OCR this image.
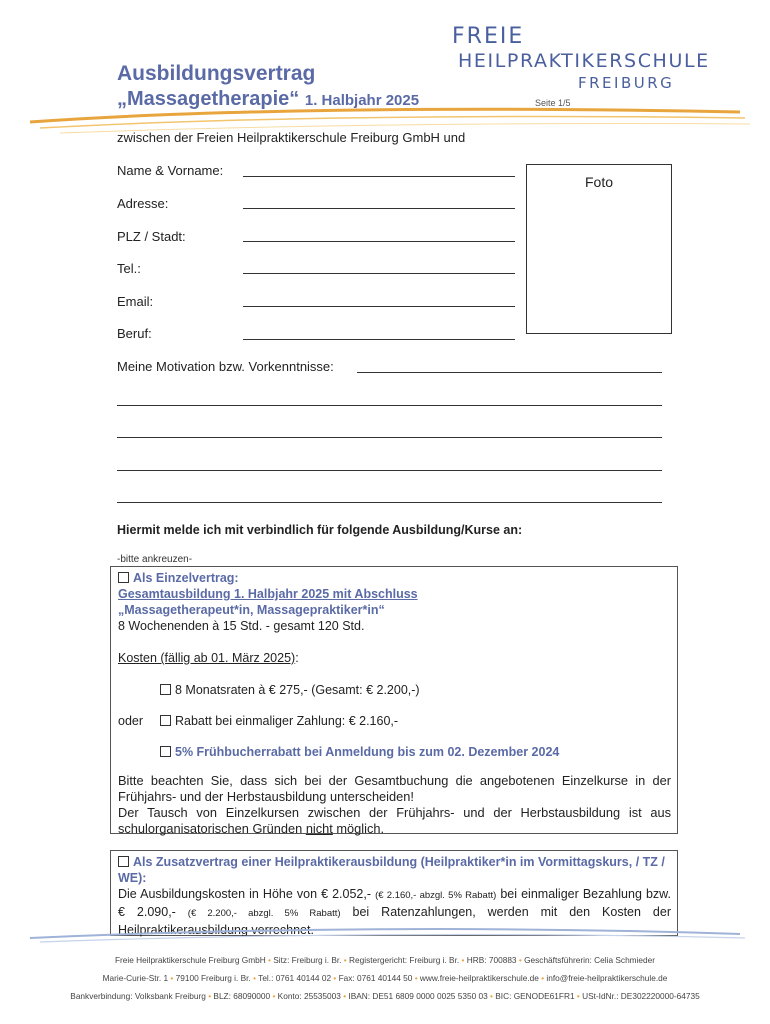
FREIE
HEILPRAKTIKERSCHULE
FREIBURG
Ausbildungsvertrag
„Massagetherapie“ 1. Halbjahr 2025	Seite 1/5
zwischen der Freien Heilpraktikerschule Freiburg GmbH und
Name & Vorname:
Adresse:
PLZ / Stadt:
Tel.:
Email:
Beruf:
Foto
Meine Motivation bzw. Vorkenntnisse:
Hiermit melde ich mit verbindlich für folgende Ausbildung/Kurse an:
-bitte ankreuzen-

Als Einzelvertrag:

Gesamtausbildung 1. Halbjahr 2025 mit Abschluss

„Massagetherapeut*in, Massagepraktiker*in“

8 Wochenenden à 15 Std. - gesamt 120 Std.

Kosten (fällig ab 01. März 2025):

8 Monatsraten à € 275,- (Gesamt: € 2.200,-)

oder	Rabatt bei einmaliger Zahlung: € 2.160,-

5% Frühbucherrabatt bei Anmeldung bis zum 02. Dezember 2024

Bitte beachten Sie, dass sich bei der Gesamtbuchung die angebotenen Einzelkurse in der Frühjahrs- und der Herbstausbildung unterscheiden!

Der Tausch von Einzelkursen zwischen der Frühjahrs- und der Herbstausbildung ist aus schulorganisatorischen Gründen nicht möglich.

Als Zusatzvertrag einer Heilpraktikerausbildung (Heilpraktiker*in im Vormittagskurs, / TZ / WE):

Die Ausbildungskosten in Höhe von € 2.052,- (€ 2.160,- abzgl. 5% Rabatt) bei einmaliger Bezahlung bzw. € 2.090,- (€ 2.200,- abzgl. 5% Rabatt) bei Ratenzahlungen, werden mit den Kosten der Heilpraktikerausbildung verrechnet.

Freie Heilpraktikerschule Freiburg GmbH • Sitz: Freiburg i. Br. • Registergericht: Freiburg i. Br. • HRB: 700883 • Geschäftsführerin: Celia Schmieder
Marie-Curie-Str. 1 • 79100 Freiburg i. Br. • Tel.: 0761 40144 02 • Fax: 0761 40144 50 • www.freie-heilpraktikerschule.de • info@freie-heilpraktikerschule.de
Bankverbindung: Volksbank Freiburg • BLZ: 68090000 • Konto: 25535003 • IBAN: DE51 6809 0000 0025 5350 03 • BIC: GENODE61FR1 • USt-IdNr.: DE302220000-64735
